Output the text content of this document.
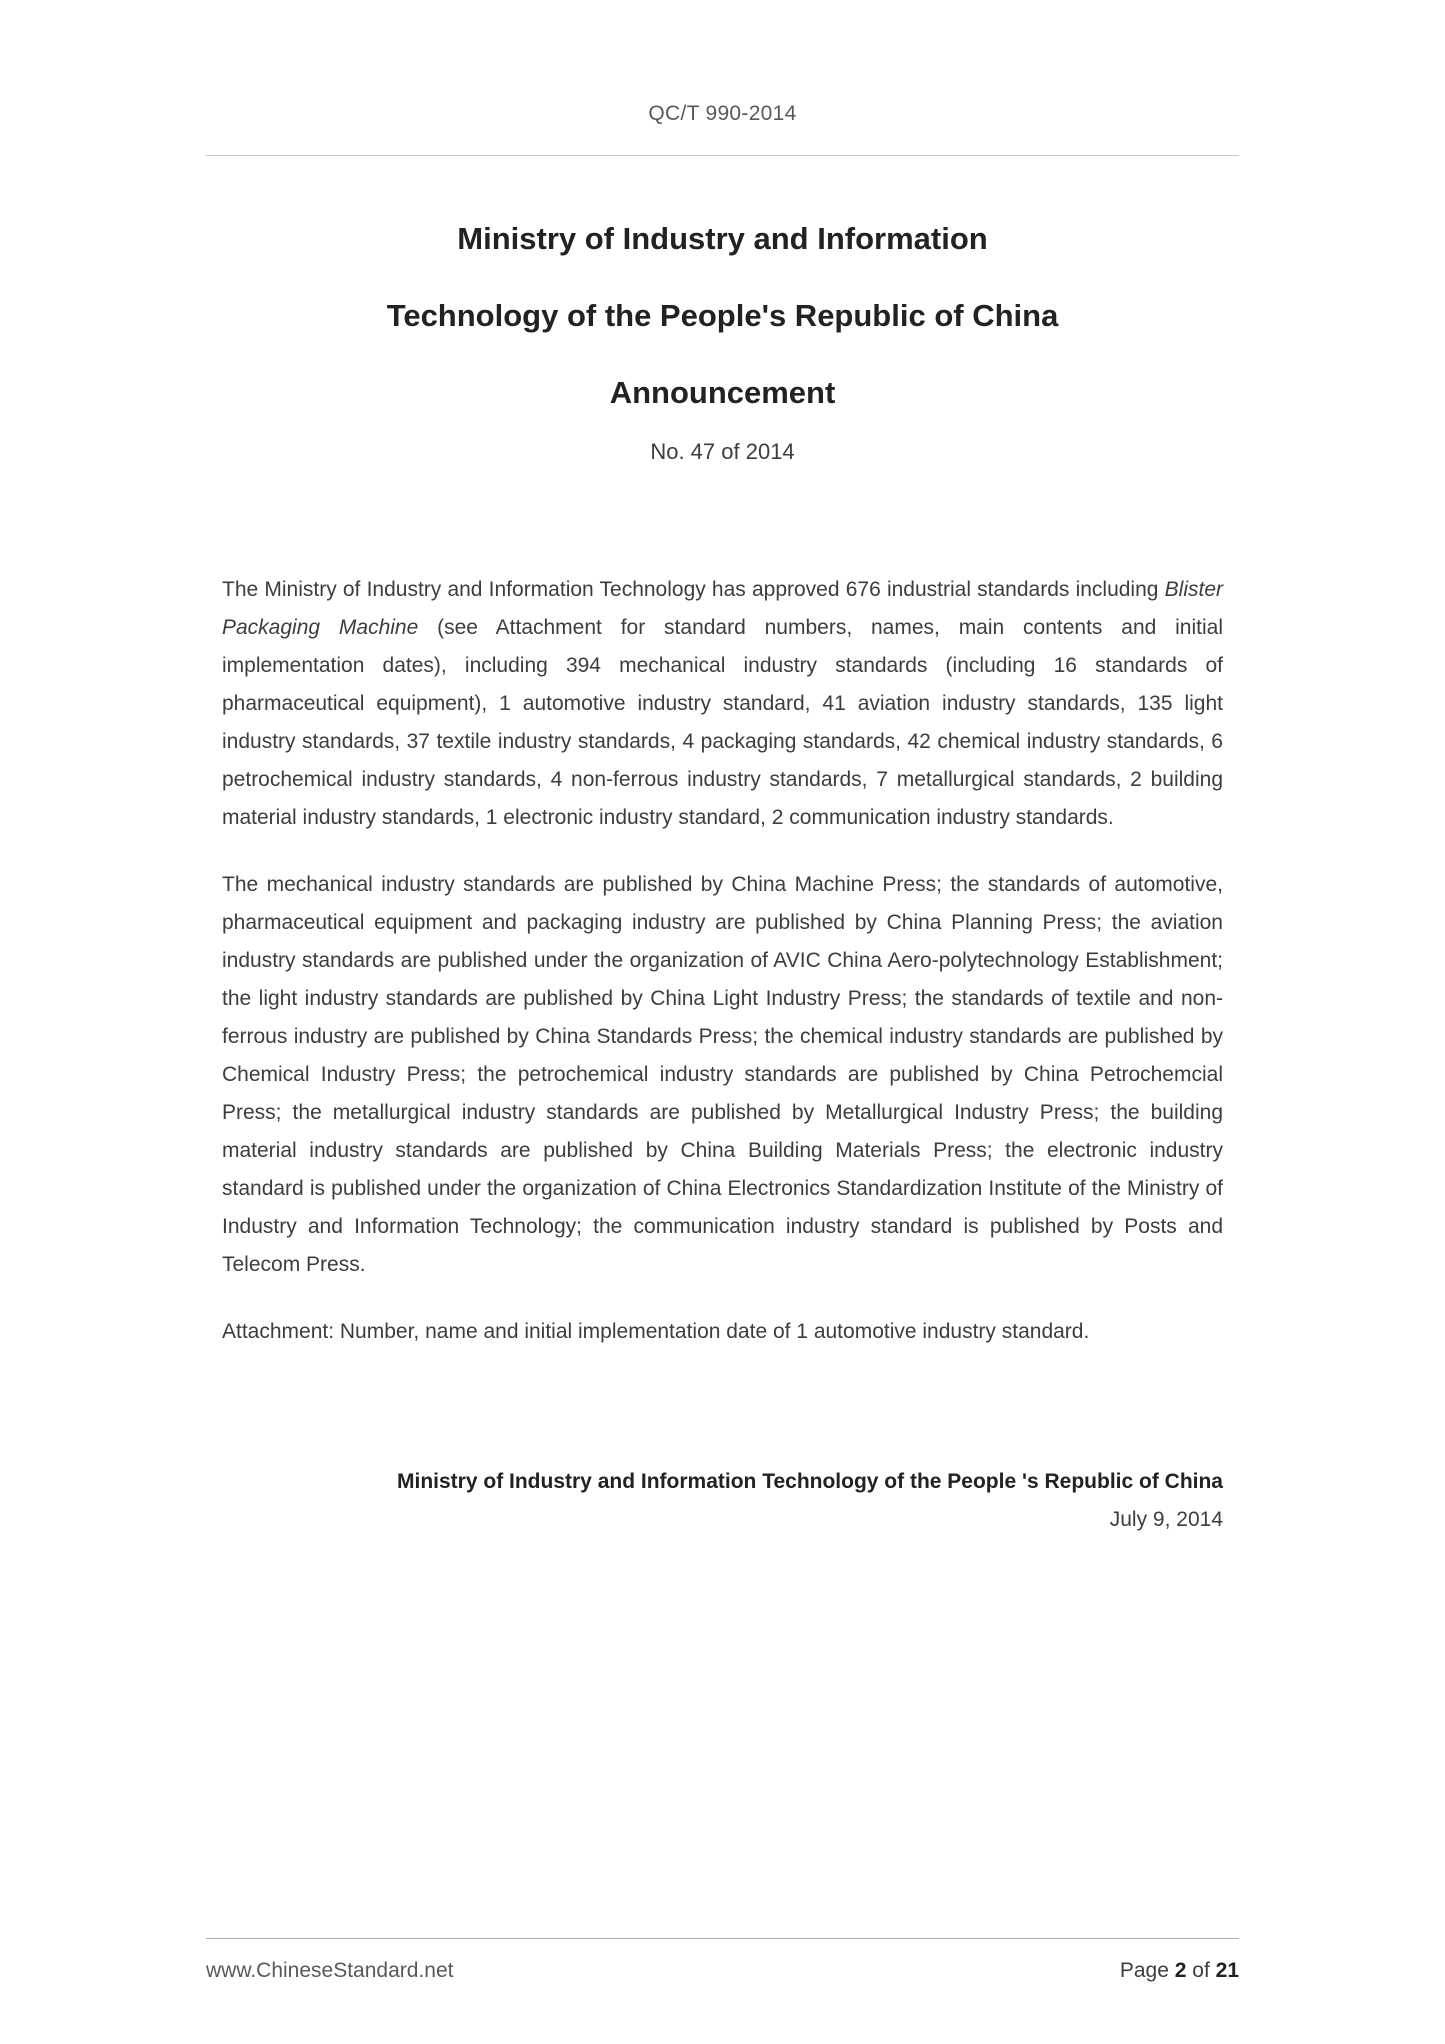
QC/T 990-2014
Ministry of Industry and Information
Technology of the People's Republic of China
Announcement
No. 47 of 2014

The Ministry of Industry and Information Technology has approved 676 industrial standards including Blister Packaging Machine (see Attachment for standard numbers, names, main contents and initial implementation dates), including 394 mechanical industry standards (including 16 standards of pharmaceutical equipment), 1 automotive industry standard, 41 aviation industry standards, 135 light industry standards, 37 textile industry standards, 4 packaging standards, 42 chemical industry standards, 6 petrochemical industry standards, 4 non-ferrous industry standards, 7 metallurgical standards, 2 building material industry standards, 1 electronic industry standard, 2 communication industry standards.

The mechanical industry standards are published by China Machine Press; the standards of automotive, pharmaceutical equipment and packaging industry are published by China Planning Press; the aviation industry standards are published under the organization of AVIC China Aero-polytechnology Establishment; the light industry standards are published by China Light Industry Press; the standards of textile and non-ferrous industry are published by China Standards Press; the chemical industry standards are published by Chemical Industry Press; the petrochemical industry standards are published by China Petrochemcial Press; the metallurgical industry standards are published by Metallurgical Industry Press; the building material industry standards are published by China Building Materials Press; the electronic industry standard is published under the organization of China Electronics Standardization Institute of the Ministry of Industry and Information Technology; the communication industry standard is published by Posts and Telecom Press.

Attachment: Number, name and initial implementation date of 1 automotive industry standard.

Ministry of Industry and Information Technology of the People 's Republic of China
July 9, 2014
www.ChineseStandard.net	Page 2 of 21
